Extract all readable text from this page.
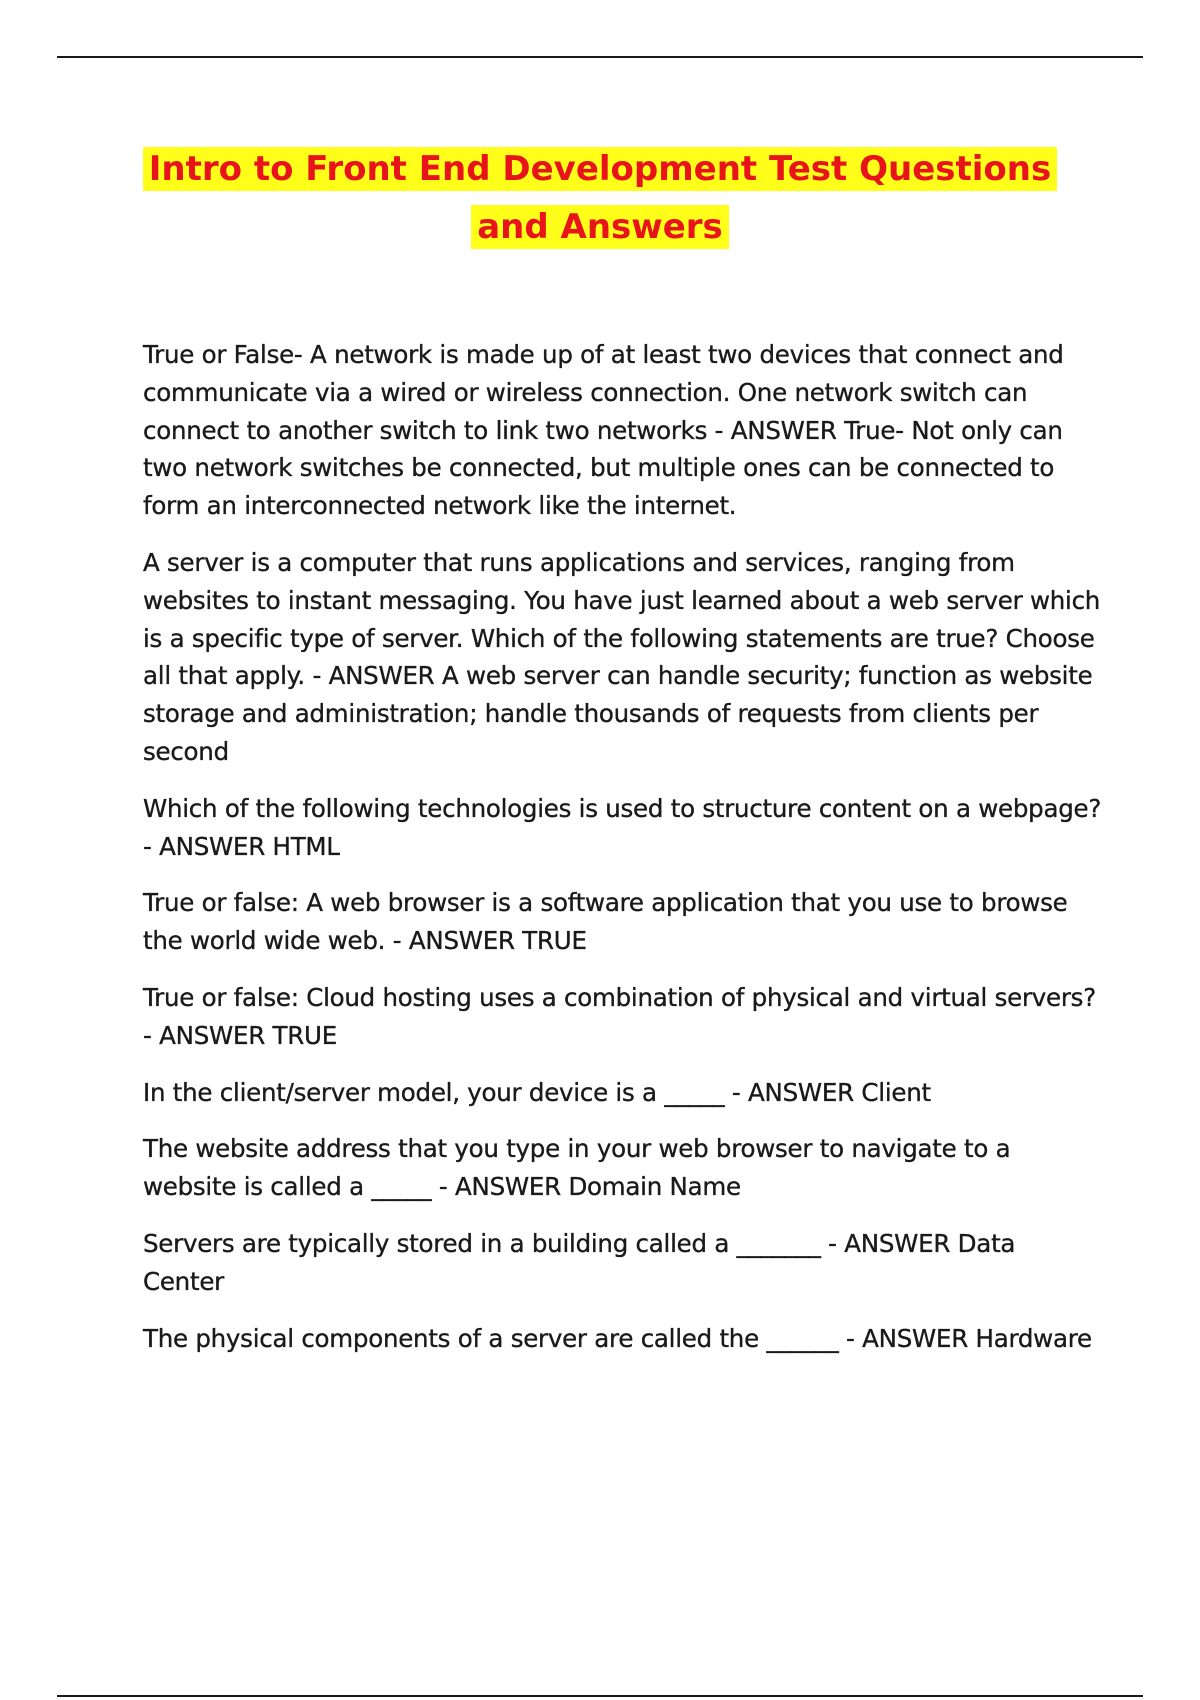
Intro to Front End Development Test Questions
and Answers
True or False- A network is made up of at least two devices that connect and communicate via a wired or wireless connection. One network switch can connect to another switch to link two networks - ANSWER True- Not only can two network switches be connected, but multiple ones can be connected to form an interconnected network like the internet.
A server is a computer that runs applications and services, ranging from websites to instant messaging. You have just learned about a web server which is a specific type of server. Which of the following statements are true? Choose all that apply. - ANSWER A web server can handle security; function as website storage and administration; handle thousands of requests from clients per second
Which of the following technologies is used to structure content on a webpage? - ANSWER HTML
True or false: A web browser is a software application that you use to browse the world wide web. - ANSWER TRUE
True or false: Cloud hosting uses a combination of physical and virtual servers? - ANSWER TRUE
In the client/server model, your device is a _____ - ANSWER Client
The website address that you type in your web browser to navigate to a website is called a _____ - ANSWER Domain Name
Servers are typically stored in a building called a _______ - ANSWER Data Center
The physical components of a server are called the ______ - ANSWER Hardware
